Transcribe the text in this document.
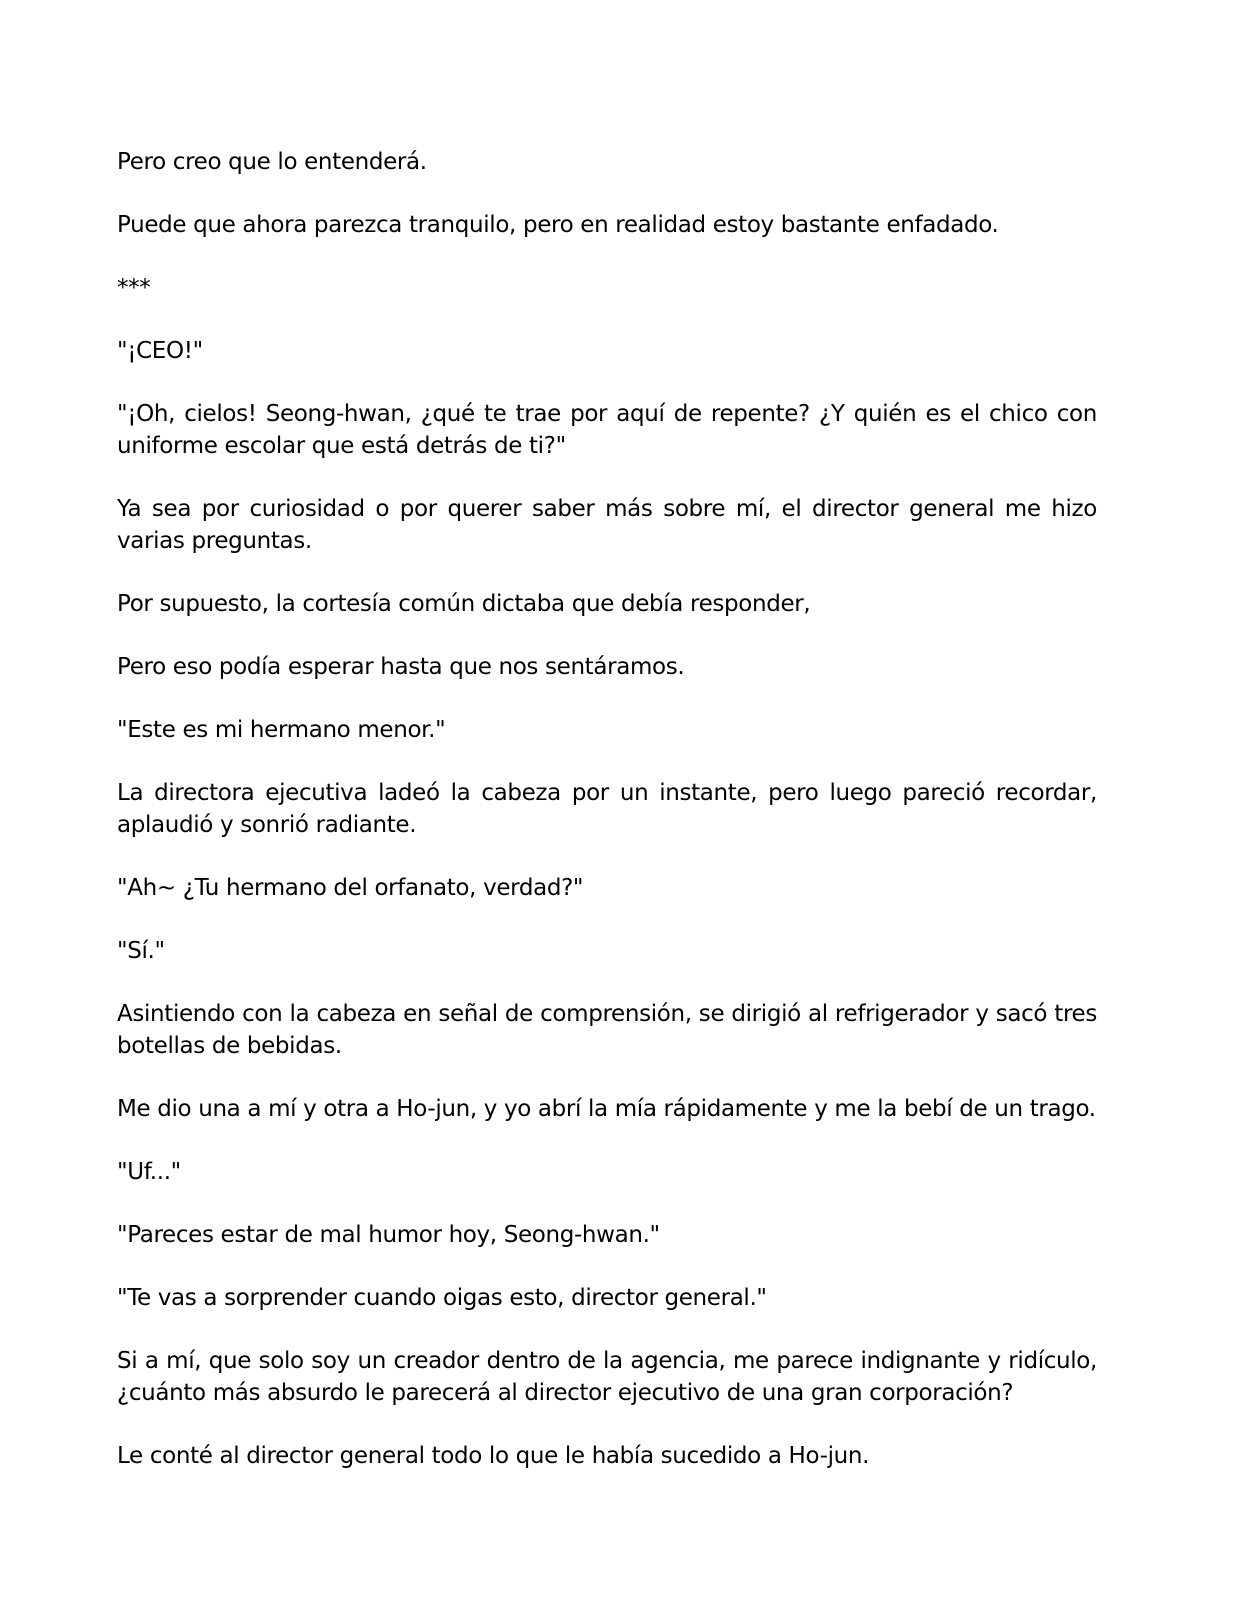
Pero creo que lo entenderá.

Puede que ahora parezca tranquilo, pero en realidad estoy bastante enfadado.

***

"¡CEO!"

"¡Oh, cielos! Seong-hwan, ¿qué te trae por aquí de repente? ¿Y quién es el chico con uniforme escolar que está detrás de ti?"

Ya sea por curiosidad o por querer saber más sobre mí, el director general me hizo varias preguntas.

Por supuesto, la cortesía común dictaba que debía responder,

Pero eso podía esperar hasta que nos sentáramos.

"Este es mi hermano menor."

La directora ejecutiva ladeó la cabeza por un instante, pero luego pareció recordar, aplaudió y sonrió radiante.

"Ah~ ¿Tu hermano del orfanato, verdad?"

"Sí."

Asintiendo con la cabeza en señal de comprensión, se dirigió al refrigerador y sacó tres botellas de bebidas.

Me dio una a mí y otra a Ho-jun, y yo abrí la mía rápidamente y me la bebí de un trago.

"Uf..."

"Pareces estar de mal humor hoy, Seong-hwan."

"Te vas a sorprender cuando oigas esto, director general."

Si a mí, que solo soy un creador dentro de la agencia, me parece indignante y ridículo, ¿cuánto más absurdo le parecerá al director ejecutivo de una gran corporación?

Le conté al director general todo lo que le había sucedido a Ho-jun.
